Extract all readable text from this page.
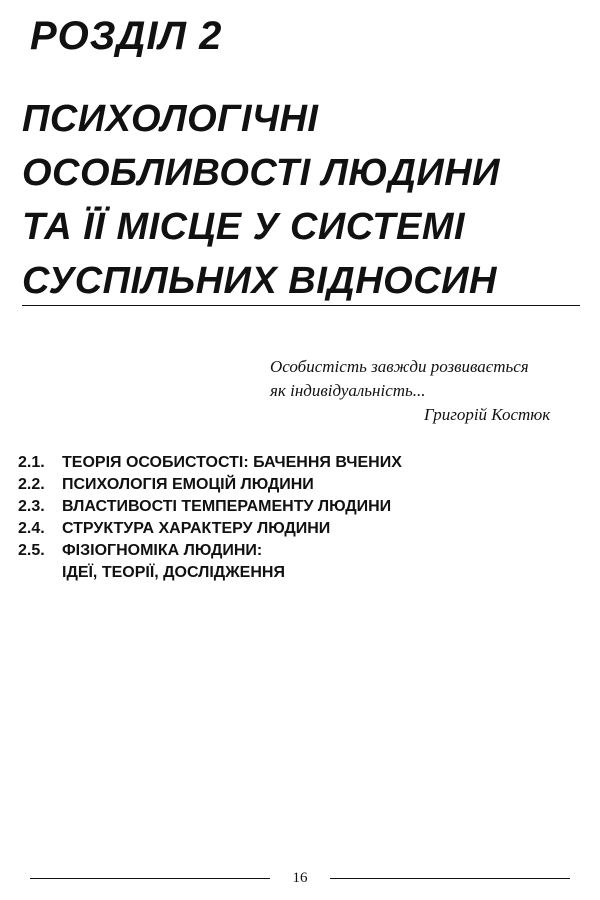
РОЗДІЛ 2
ПСИХОЛОГІЧНІ
ОСОБЛИВОСТІ ЛЮДИНИ
ТА ЇЇ МІСЦЕ У СИСТЕМІ
СУСПІЛЬНИХ ВІДНОСИН
Особистість завжди розвивається
як індивідуальність...
Григорій Костюк
2.1. ТЕОРІЯ ОСОБИСТОСТІ: БАЧЕННЯ ВЧЕНИХ
2.2. ПСИХОЛОГІЯ ЕМОЦІЙ ЛЮДИНИ
2.3. ВЛАСТИВОСТІ ТЕМПЕРАМЕНТУ ЛЮДИНИ
2.4. СТРУКТУРА ХАРАКТЕРУ ЛЮДИНИ
2.5. ФІЗІОГНОМІКА ЛЮДИНИ:
ІДЕЇ, ТЕОРІЇ, ДОСЛІДЖЕННЯ
16
